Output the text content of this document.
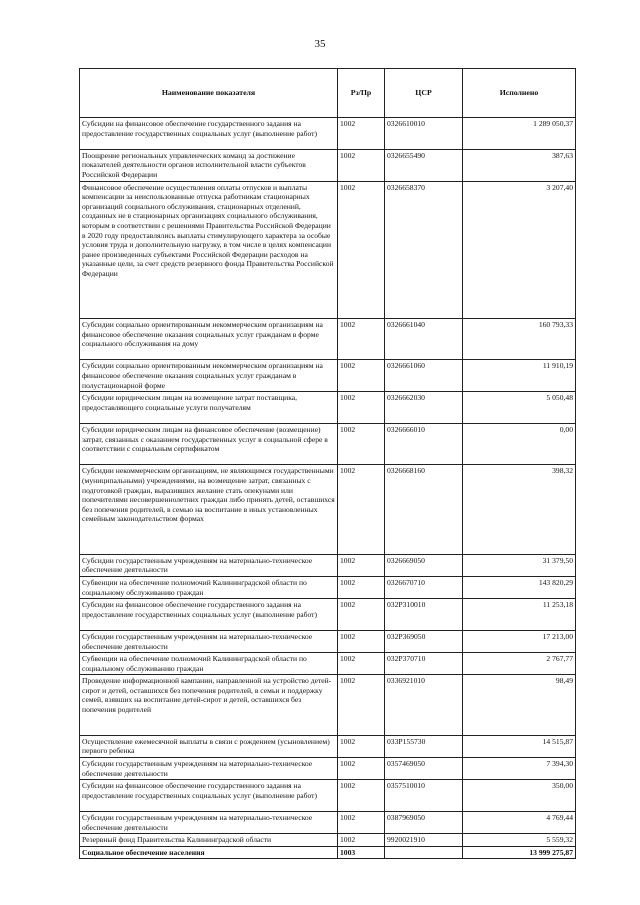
35
Наименование показателя	Рз/Пр	ЦСР	Исполнено
Субсидии на финансовое обеспечение государственного задания на предоставление государственных социальных услуг (выполнение работ)	1002	0326610010	1 289 050,37
Поощрение региональных управленческих команд за достижение показателей деятельности органов исполнительной власти субъектов Российской Федерации	1002	0326655490	387,63
Финансовое обеспечение осуществления оплаты отпусков и выплаты компенсации за неиспользованные отпуска работникам стационарных организаций социального обслуживания, стационарных отделений, созданных не в стационарных организациях социального обслуживания, которым в соответствии с решениями Правительства Российской Федерации в 2020 году предоставлялись выплаты стимулирующего характера за особые условия труда и дополнительную нагрузку, в том числе в целях компенсации ранее произведенных субъектами Российской Федерации расходов на указанные цели, за счет средств резервного фонда Правительства Российской Федерации	1002	0326658370	3 207,40
Субсидии социально ориентированным некоммерческим организациям на финансовое обеспечение оказания социальных услуг гражданам в форме социального обслуживания на дому	1002	0326661040	160 793,33
Субсидии социально ориентированным некоммерческим организациям на финансовое обеспечение оказания социальных услуг гражданам в полустационарной форме	1002	0326661060	11 910,19
Субсидии юридическим лицам на возмещение затрат поставщика, предоставляющего социальные услуги получателям	1002	0326662030	5 050,48
Субсидии юридическим лицам на финансовое обеспечение (возмещение) затрат, связанных с оказанием государственных услуг в социальной сфере в соответствии с социальным сертификатом	1002	0326666010	0,00
Субсидии некоммерческим организациям, не являющимся государственными (муниципальными) учреждениями, на возмещение затрат, связанных с подготовкой граждан, выразивших желание стать опекунами или попечителями несовершеннолетних граждан либо принять детей, оставшихся без попечения родителей, в семью на воспитание в иных установленных семейным законодательством формах	1002	0326668160	398,32
Субсидии государственным учреждениям на материально-техническое обеспечение деятельности	1002	0326669050	31 379,50
Субвенции на обеспечение полномочий Калининградской области по социальному обслуживанию граждан	1002	0326670710	143 820,29
Субсидии на финансовое обеспечение государственного задания на предоставление государственных социальных услуг (выполнение работ)	1002	032P310010	11 253,18
Субсидии государственным учреждениям на материально-техническое обеспечение деятельности	1002	032P369050	17 213,00
Субвенции на обеспечение полномочий Калининградской области по социальному обслуживанию граждан	1002	032P370710	2 767,77
Проведение информационной кампании, направленной на устройство детей-сирот и детей, оставшихся без попечения родителей, в семьи и поддержку семей, взявших на воспитание детей-сирот и детей, оставшихся без попечения родителей	1002	0336921010	98,49
Осуществление ежемесячной выплаты в связи с рождением (усыновлением) первого ребенка	1002	033P155730	14 515,87
Субсидии государственным учреждениям на материально-техническое обеспечение деятельности	1002	0357469050	7 394,30
Субсидии на финансовое обеспечение государственного задания на предоставление государственных социальных услуг (выполнение работ)	1002	0357510010	350,00
Субсидии государственным учреждениям на материально-техническое обеспечение деятельности	1002	0387969050	4 769,44
Резервный фонд Правительства Калининградской области	1002	9920021910	5 559,32
Социальное обеспечение населения	1003		13 999 275,87
